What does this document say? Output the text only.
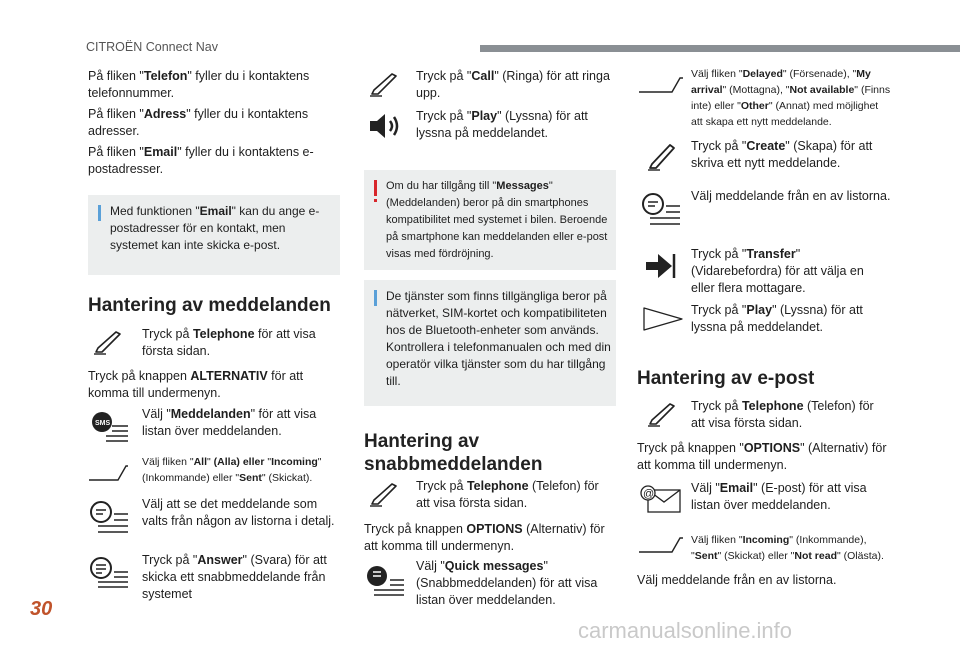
CITROËN Connect Nav
30
carmanualsonline.info
På fliken "Telefon" fyller du i kontaktens telefonnummer.
På fliken "Adress" fyller du i kontaktens adresser.
På fliken "Email" fyller du i kontaktens e-postadresser.
Med funktionen "Email" kan du ange e-postadresser för en kontakt, men systemet kan inte skicka e-post.
Hantering av meddelanden
Tryck på Telephone för att visa första sidan.
Tryck på knappen ALTERNATIV för att komma till undermenyn.
SMS
Välj "Meddelanden" för att visa listan över meddelanden.
Välj fliken "All" (Alla) eller "Incoming" (Inkommande) eller "Sent" (Skickat).
Välj att se det meddelande som valts från någon av listorna i detalj.
Tryck på "Answer" (Svara) för att skicka ett snabbmeddelande från systemet
Tryck på "Call" (Ringa) för att ringa upp.
Tryck på "Play" (Lyssna) för att lyssna på meddelandet.
Om du har tillgång till "Messages" (Meddelanden) beror på din smartphones kompatibilitet med systemet i bilen. Beroende på smartphone kan meddelanden eller e-post visas med fördröjning.
De tjänster som finns tillgängliga beror på nätverket, SIM-kortet och kompatibiliteten hos de Bluetooth-enheter som används. Kontrollera i telefonmanualen och med din operatör vilka tjänster som du har tillgång till.
Hantering av snabbmeddelanden
Tryck på Telephone (Telefon) för att visa första sidan.
Tryck på knappen OPTIONS (Alternativ) för att komma till undermenyn.
Välj "Quick messages" (Snabbmeddelanden) för att visa listan över meddelanden.
Välj fliken "Delayed" (Försenade), "My arrival" (Mottagna), "Not available" (Finns inte) eller "Other" (Annat) med möjlighet att skapa ett nytt meddelande.
Tryck på "Create" (Skapa) för att skriva ett nytt meddelande.
Välj meddelande från en av listorna.
Tryck på "Transfer" (Vidarebefordra) för att välja en eller flera mottagare.
Tryck på "Play" (Lyssna) för att lyssna på meddelandet.
Hantering av e-post
Tryck på Telephone (Telefon) för att visa första sidan.
Tryck på knappen "OPTIONS" (Alternativ) för att komma till undermenyn.
@	Välj "Email" (E-post) för att visa listan över meddelanden.
Välj fliken "Incoming" (Inkommande), "Sent" (Skickat) eller "Not read" (Olästa).
Välj meddelande från en av listorna.
